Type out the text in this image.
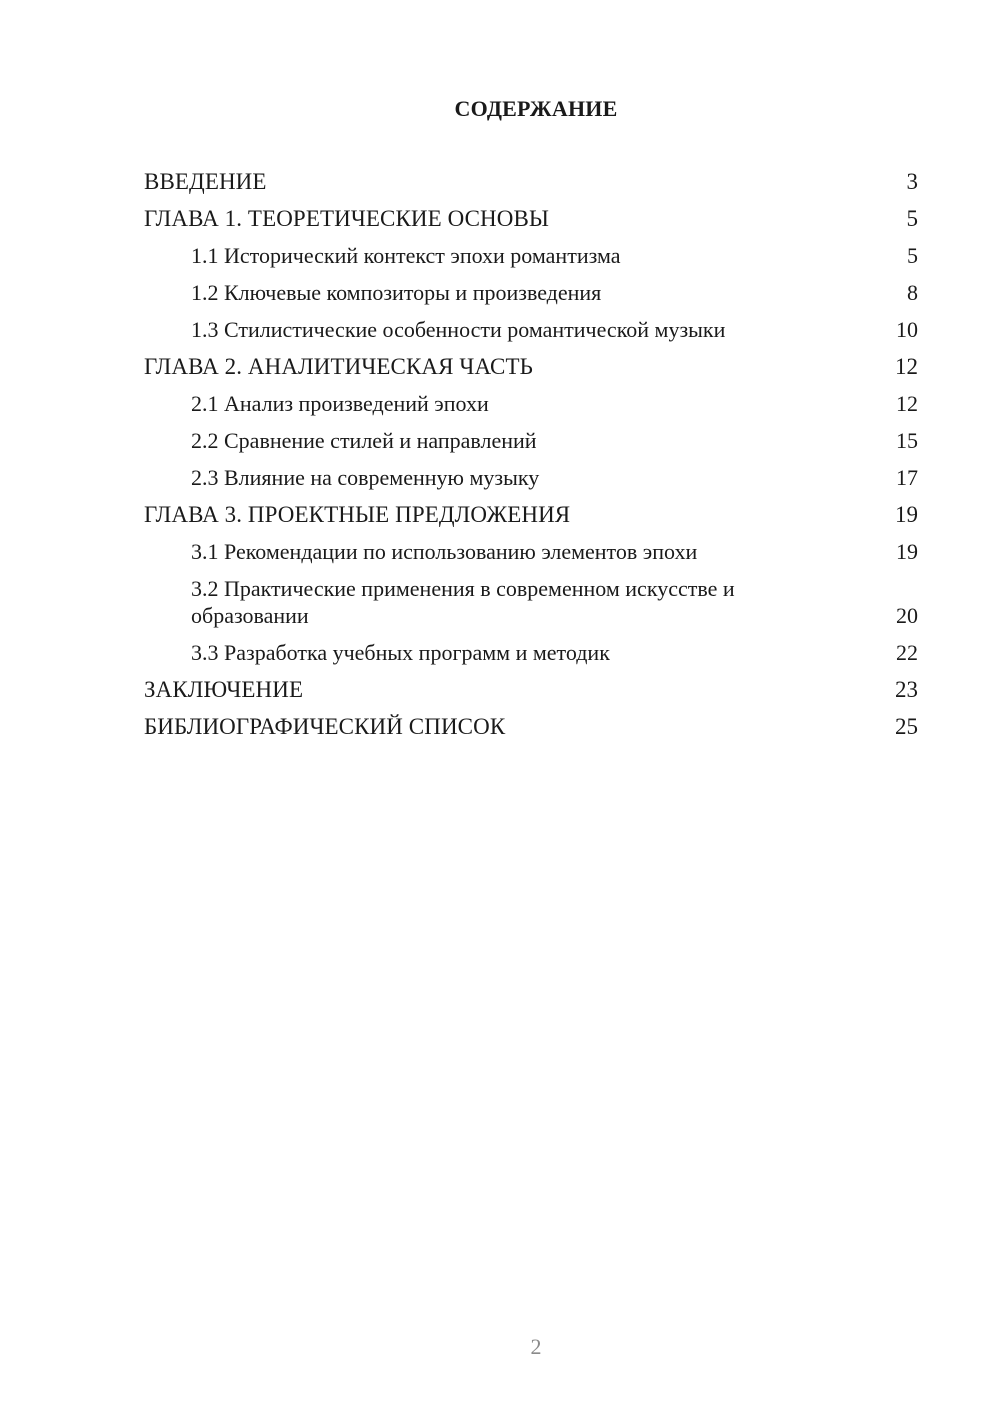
СОДЕРЖАНИЕ
ВВЕДЕНИЕ	3
ГЛАВА 1. ТЕОРЕТИЧЕСКИЕ ОСНОВЫ	5
1.1 Исторический контекст эпохи романтизма	5
1.2 Ключевые композиторы и произведения	8
1.3 Стилистические особенности романтической музыки	10
ГЛАВА 2. АНАЛИТИЧЕСКАЯ ЧАСТЬ	12
2.1 Анализ произведений эпохи	12
2.2 Сравнение стилей и направлений	15
2.3 Влияние на современную музыку	17
ГЛАВА 3. ПРОЕКТНЫЕ ПРЕДЛОЖЕНИЯ	19
3.1 Рекомендации по использованию элементов эпохи	19
3.2 Практические применения в современном искусстве и образовании	20
3.3 Разработка учебных программ и методик	22
ЗАКЛЮЧЕНИЕ	23
БИБЛИОГРАФИЧЕСКИЙ СПИСОК	25
2
